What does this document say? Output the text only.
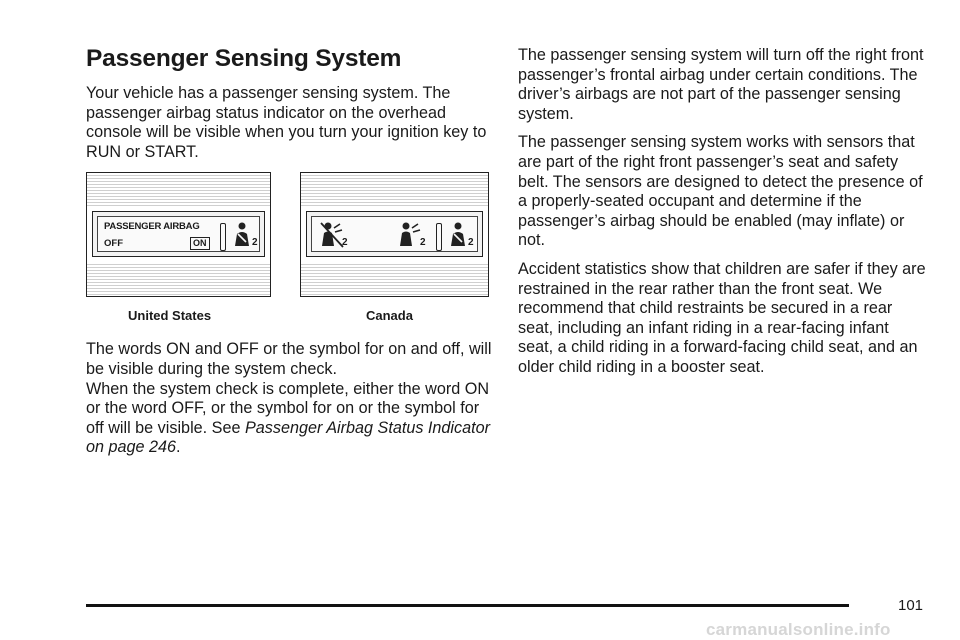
Passenger Sensing System

Your vehicle has a passenger sensing system. The passenger airbag status indicator on the overhead console will be visible when you turn your ignition key to RUN or START.

PASSENGER AIRBAG
OFF	ON	2
United States
2	2	2
Canada

The words ON and OFF or the symbol for on and off, will be visible during the system check.

When the system check is complete, either the word ON or the word OFF, or the symbol for on or the symbol for off will be visible. See Passenger Airbag Status Indicator on page 246.

The passenger sensing system will turn off the right front passenger’s frontal airbag under certain conditions. The driver’s airbags are not part of the passenger sensing system.

The passenger sensing system works with sensors that are part of the right front passenger’s seat and safety belt. The sensors are designed to detect the presence of a properly-seated occupant and determine if the passenger’s airbag should be enabled (may inflate) or not.

Accident statistics show that children are safer if they are restrained in the rear rather than the front seat. We recommend that child restraints be secured in a rear seat, including an infant riding in a rear-facing infant seat, a child riding in a forward-facing child seat, and an older child riding in a booster seat.

101
carmanualsonline.info
